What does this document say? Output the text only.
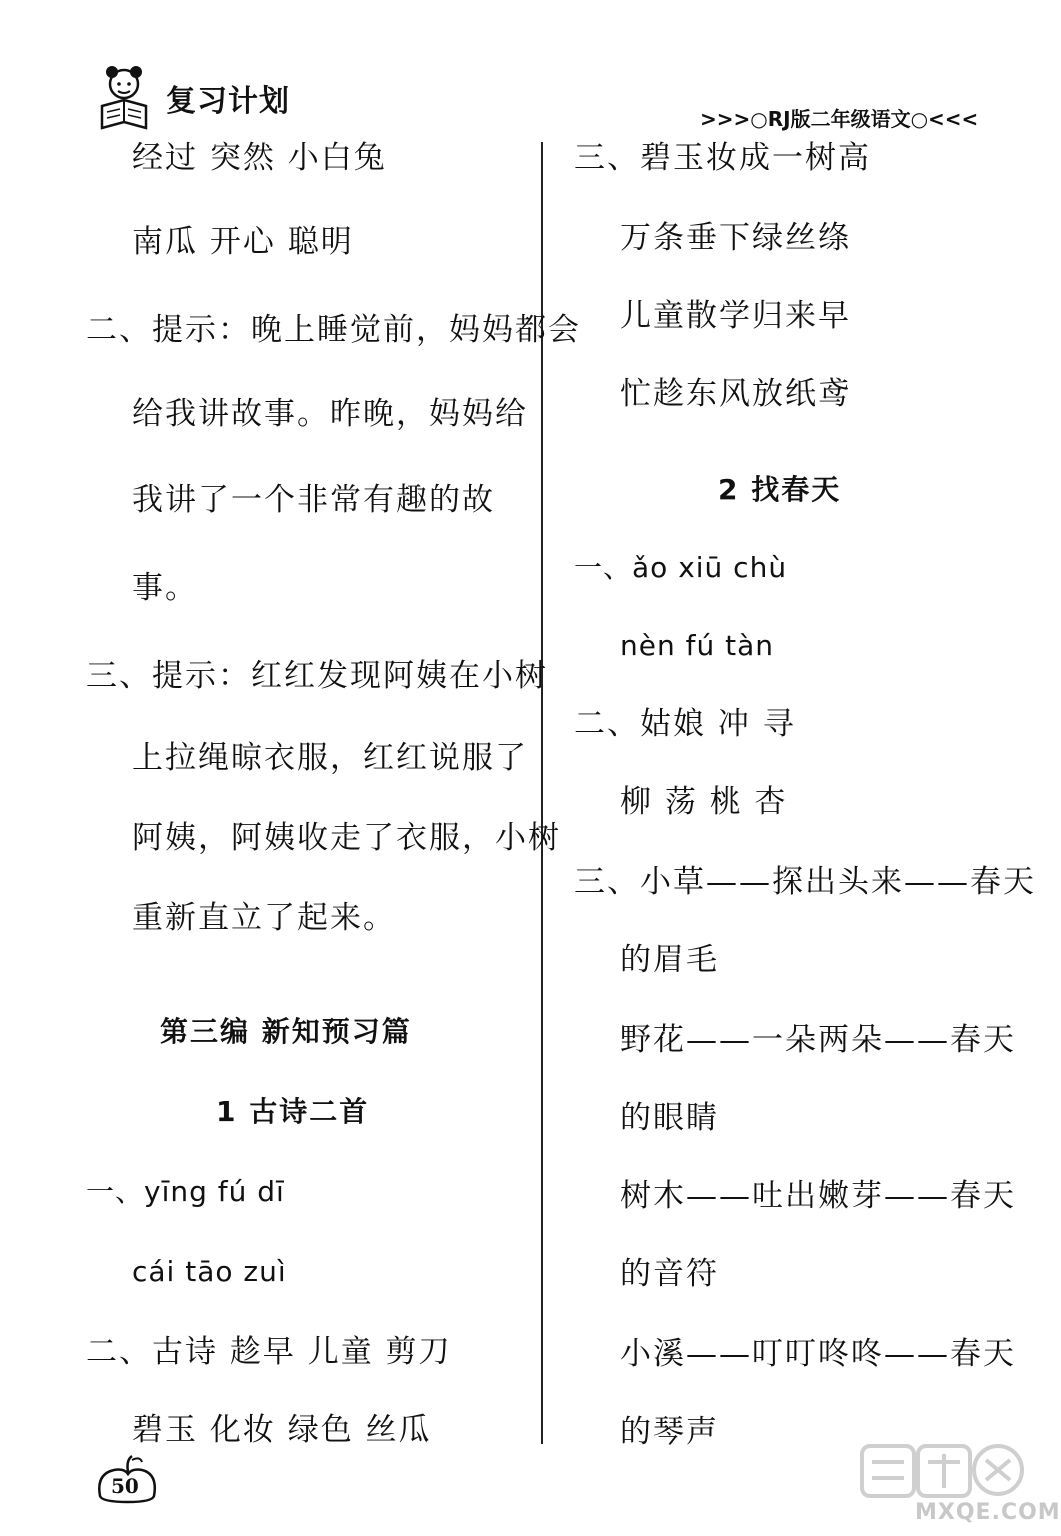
复习计划	>>>○RJ版二年级语文○<<<
经过 突然 小白兔
南瓜 开心 聪明
二、提示：晚上睡觉前，妈妈都会
给我讲故事。昨晚，妈妈给
我讲了一个非常有趣的故
事。
三、提示：红红发现阿姨在小树
上拉绳晾衣服，红红说服了
阿姨，阿姨收走了衣服，小树
重新直立了起来。
第三编 新知预习篇
1 古诗二首
一、yīng fú dī
cái tāo zuì
二、古诗 趁早 儿童 剪刀
碧玉 化妆 绿色 丝瓜
三、碧玉妆成一树高
万条垂下绿丝绦
儿童散学归来早
忙趁东风放纸鸢
2 找春天
一、ǎo xiū chù
nèn fú tàn
二、姑娘 冲 寻
柳 荡 桃 杏
三、小草——探出头来——春天
的眉毛
野花——一朵两朵——春天
的眼睛
树木——吐出嫩芽——春天
的音符
小溪——叮叮咚咚——春天
的琴声
50
MXQE.COM
